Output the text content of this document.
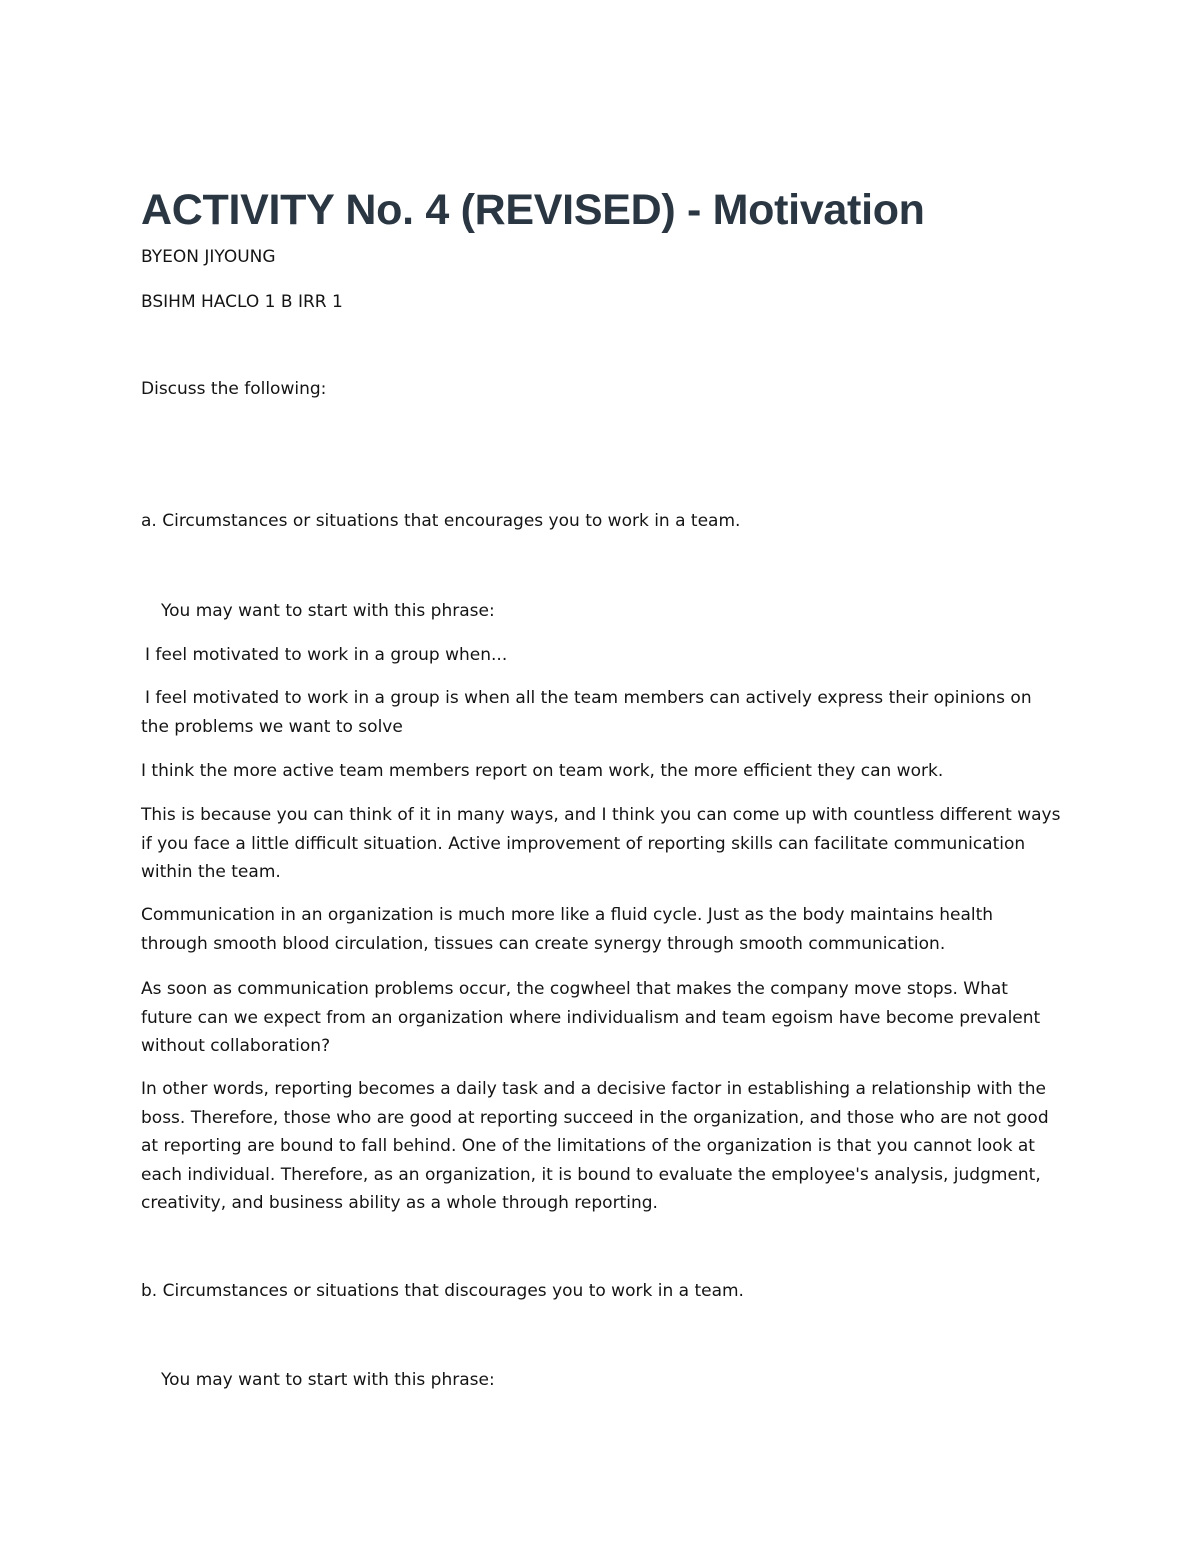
ACTIVITY No. 4 (REVISED) - Motivation

BYEON JIYOUNG

BSIHM HACLO 1 B IRR 1

Discuss the following:

a. Circumstances or situations that encourages you to work in a team.

You may want to start with this phrase:

I feel motivated to work in a group when...

I feel motivated to work in a group is when all the team members can actively express their opinions on the problems we want to solve

I think the more active team members report on team work, the more efficient they can work.

This is because you can think of it in many ways, and I think you can come up with countless different ways if you face a little difficult situation. Active improvement of reporting skills can facilitate communication within the team.

Communication in an organization is much more like a fluid cycle. Just as the body maintains health through smooth blood circulation, tissues can create synergy through smooth communication.

As soon as communication problems occur, the cogwheel that makes the company move stops. What future can we expect from an organization where individualism and team egoism have become prevalent without collaboration?

In other words, reporting becomes a daily task and a decisive factor in establishing a relationship with the boss. Therefore, those who are good at reporting succeed in the organization, and those who are not good at reporting are bound to fall behind. One of the limitations of the organization is that you cannot look at each individual. Therefore, as an organization, it is bound to evaluate the employee's analysis, judgment, creativity, and business ability as a whole through reporting.

b. Circumstances or situations that discourages you to work in a team.

You may want to start with this phrase:
